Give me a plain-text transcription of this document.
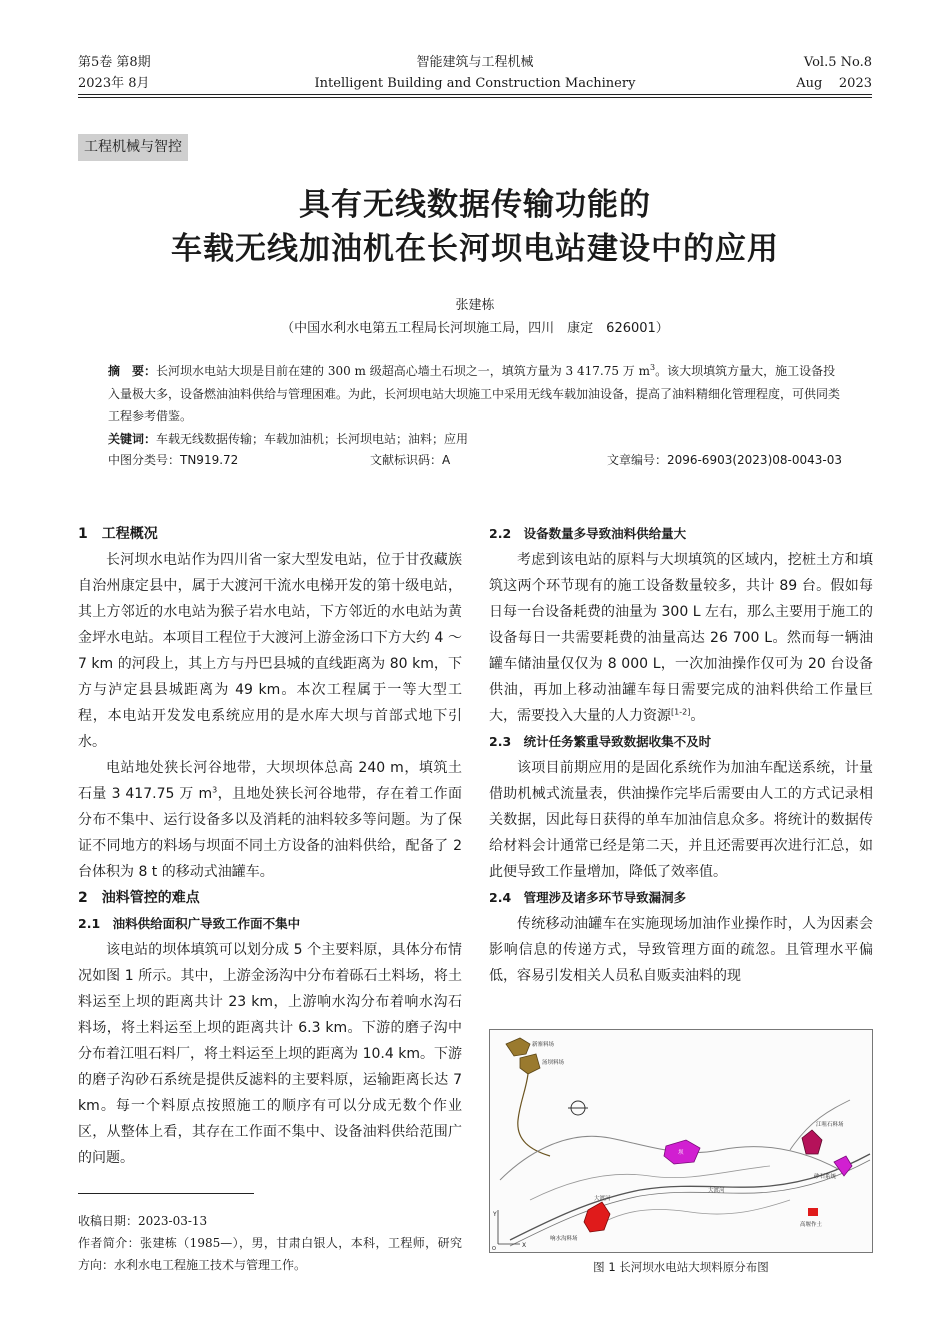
第5卷 第8期
2023年 8月
智能建筑与工程机械
Intelligent Building and Construction Machinery
Vol.5 No.8
Aug    2023
工程机械与智控
具有无线数据传输功能的
车载无线加油机在长河坝电站建设中的应用
张建栋
（中国水利水电第五工程局长河坝施工局，四川　康定　626001）
摘　要：长河坝水电站大坝是目前在建的 300 m 级超高心墙土石坝之一，填筑方量为 3 417.75 万 $m^3$。该大坝填筑方量大，施工设备投入量极大多，设备燃油油料供给与管理困难。为此，长河坝电站大坝施工中采用无线车载加油设备，提高了油料精细化管理程度，可供同类工程参考借鉴。
关键词：车载无线数据传输；车载加油机；长河坝电站；油料；应用
中图分类号：TN919.72	文献标识码：A	文章编号：2096-6903(2023)08-0043-03
1　工程概况

长河坝水电站作为四川省一家大型发电站，位于甘孜藏族自治州康定县中，属于大渡河干流水电梯开发的第十级电站，其上方邻近的水电站为猴子岩水电站，下方邻近的水电站为黄金坪水电站。本项目工程位于大渡河上游金汤口下方大约 4 ～ 7 km 的河段上，其上方与丹巴县城的直线距离为 80 km，下方与泸定县县城距离为 49 km。本次工程属于一等大型工程，本电站开发发电系统应用的是水库大坝与首部式地下引水。

电站地处狭长河谷地带，大坝坝体总高 240 m，填筑土石量 3 417.75 万 $m^3$，且地处狭长河谷地带，存在着工作面分布不集中、运行设备多以及消耗的油料较多等问题。为了保证不同地方的料场与坝面不同土方设备的油料供给，配备了 2 台体积为 8 t 的移动式油罐车。

2　油料管控的难点
2.1　油料供给面积广导致工作面不集中

该电站的坝体填筑可以划分成 5 个主要料原，具体分布情况如图 1 所示。其中，上游金汤沟中分布着砾石土料场，将土料运至上坝的距离共计 23 km，上游响水沟分布着响水沟石料场，将土料运至上坝的距离共计 6.3 km。下游的磨子沟中分布着江咀石料厂，将土料运至上坝的距离为 10.4 km。下游的磨子沟砂石系统是提供反滤料的主要料原，运输距离长达 7 km。每一个料原点按照施工的顺序有可以分成无数个作业区，从整体上看，其存在工作面不集中、设备油料供给范围广的问题。

收稿日期：2023-03-13
作者简介：张建栋（1985—），男，甘肃白银人，本科，工程师，研究方向：水利水电工程施工技术与管理工作。
2.2　设备数量多导致油料供给量大

考虑到该电站的原料与大坝填筑的区域内，挖桩土方和填筑这两个环节现有的施工设备数量较多，共计 89 台。假如每日每一台设备耗费的油量为 300 L 左右，那么主要用于施工的设备每日一共需要耗费的油量高达 26 700 L。然而每一辆油罐车储油量仅仅为 8 000 L，一次加油操作仅可为 20 台设备供油，再加上移动油罐车每日需要完成的油料供给工作量巨大，需要投入大量的人力资源[1-2]。

2.3　统计任务繁重导致数据收集不及时

该项目前期应用的是固化系统作为加油车配送系统，计量借助机械式流量表，供油操作完毕后需要由人工的方式记录相关数据，因此每日获得的单车加油信息众多。将统计的数据传给材料会计通常已经是第二天，并且还需要再次进行汇总，如此便导致工作量增加，降低了效率值。

2.4　管理涉及诸多环节导致漏洞多

传统移动油罐车在实施现场加油作业操作时，人为因素会影响信息的传递方式，导致管理方面的疏忽。且管理水平偏低，容易引发相关人员私自贩卖油料的现

新寨料场
汤坝料场
江咀石料场
砂石系统
高堰作土
响水沟料场
大渡河
大渡河
坝
Y
X
O
图 1 长河坝水电站大坝料原分布图
